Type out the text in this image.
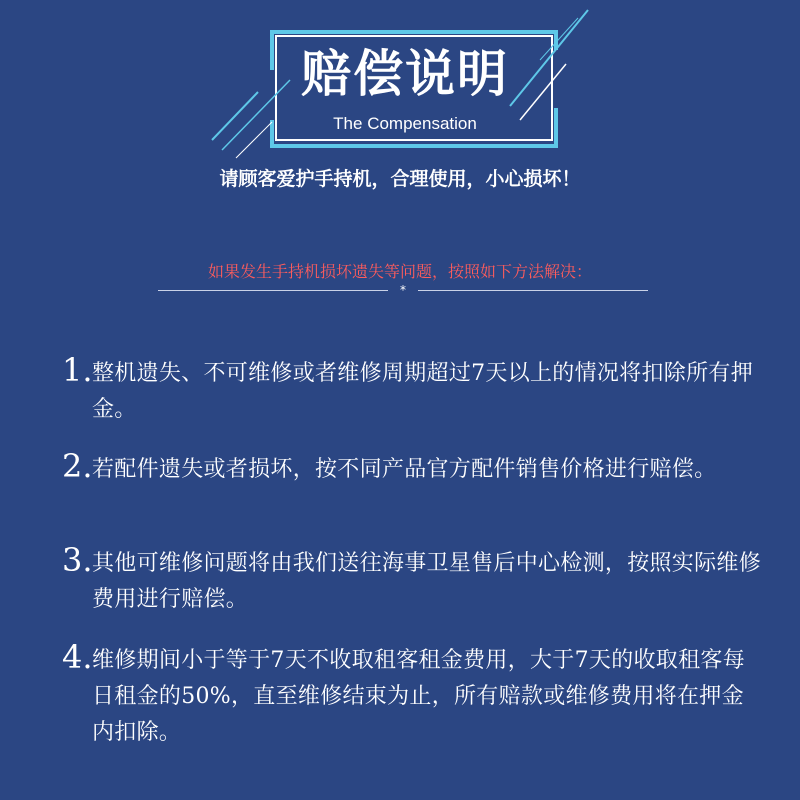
赔偿说明
The Compensation
请顾客爱护手持机，合理使用，小心损坏！
如果发生手持机损坏遗失等问题，按照如下方法解决：
*
1. 整机遗失、不可维修或者维修周期超过7天以上的情况将扣除所有押金。
2. 若配件遗失或者损坏，按不同产品官方配件销售价格进行赔偿。
3. 其他可维修问题将由我们送往海事卫星售后中心检测，按照实际维修费用进行赔偿。
4. 维修期间小于等于7天不收取租客租金费用，大于7天的收取租客每日租金的50%，直至维修结束为止，所有赔款或维修费用将在押金内扣除。
